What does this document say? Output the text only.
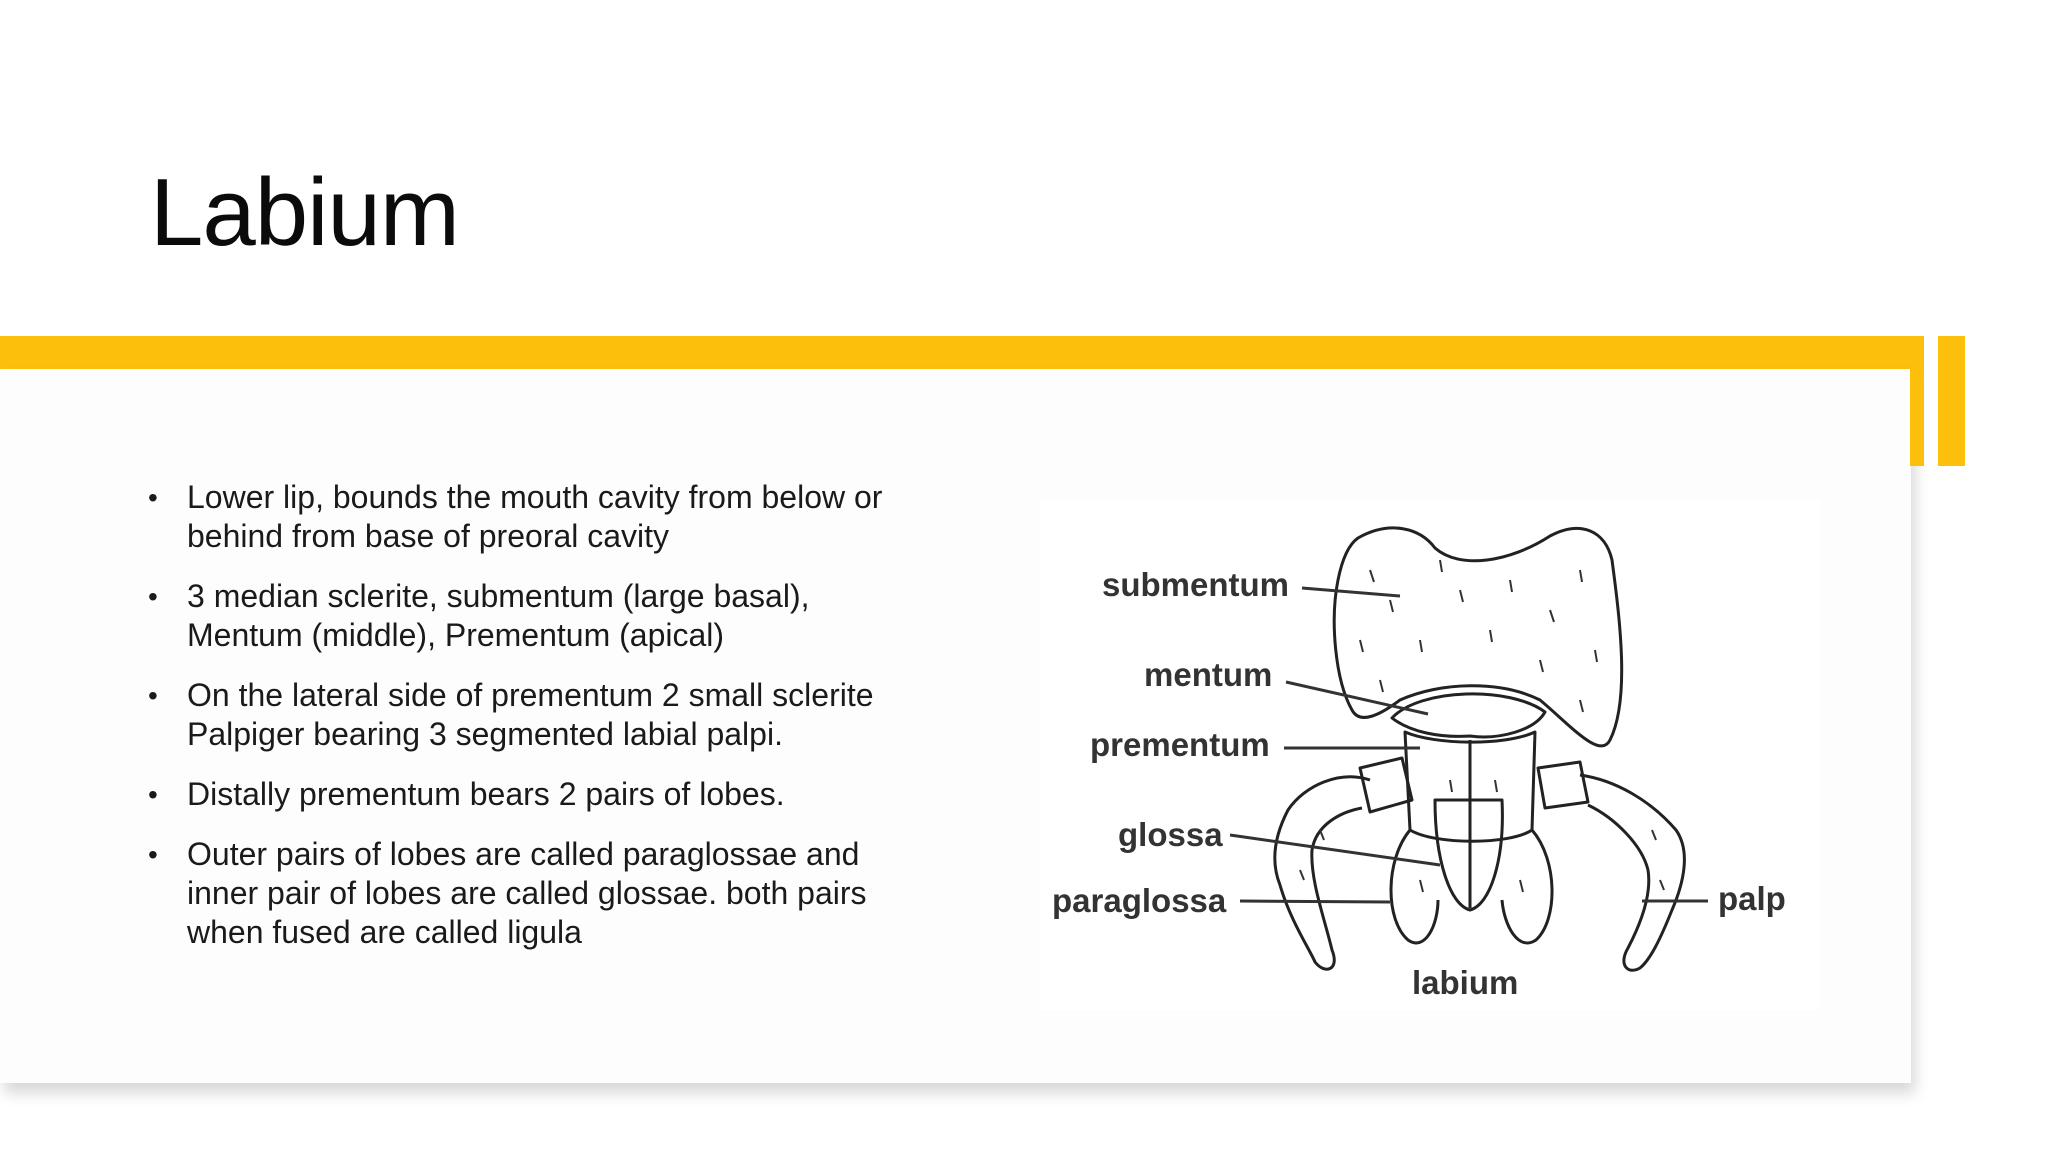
Labium
• Lower lip, bounds the mouth cavity from below or behind from base of preoral cavity
• 3 median sclerite, submentum (large basal), Mentum (middle), Prementum (apical)
• On the lateral side of prementum 2 small sclerite Palpiger bearing 3 segmented labial palpi.
• Distally prementum bears 2 pairs of lobes.
• Outer pairs of lobes are called paraglossae and inner pair of lobes are called glossae. both pairs when fused are called ligula
submentum
mentum
prementum
glossa
paraglossa	palp
labium
